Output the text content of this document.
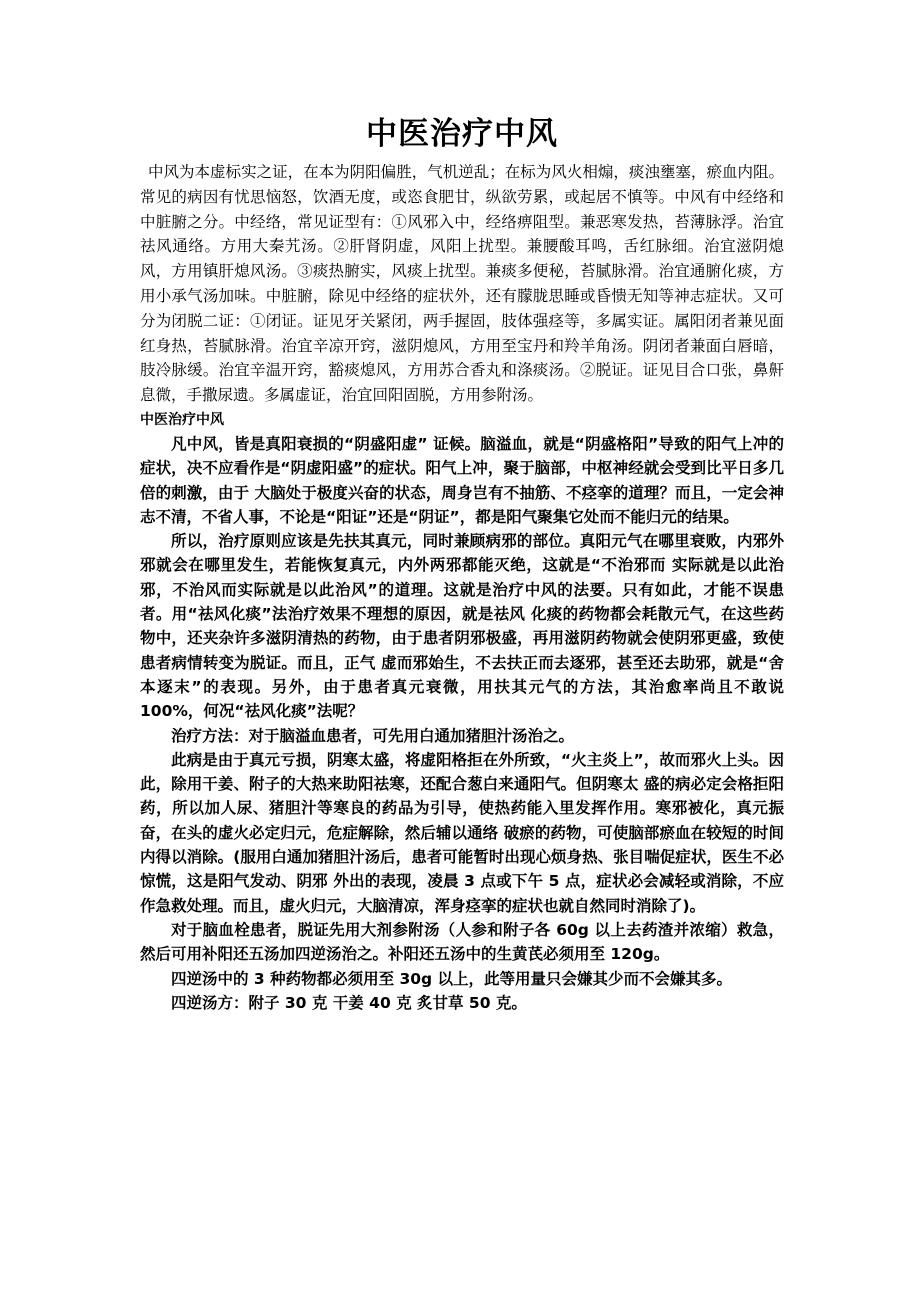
中医治疗中风

中风为本虚标实之证，在本为阴阳偏胜，气机逆乱；在标为风火相煽，痰浊壅塞，瘀血内阻。常见的病因有忧思恼怒，饮酒无度，或恣食肥甘，纵欲劳累，或起居不慎等。中风有中经络和中脏腑之分。中经络，常见证型有：①风邪入中，经络痹阻型。兼恶寒发热，苔薄脉浮。治宜祛风通络。方用大秦艽汤。②肝肾阴虚，风阳上扰型。兼腰酸耳鸣，舌红脉细。治宜滋阴熄风，方用镇肝熄风汤。③痰热腑实，风痰上扰型。兼痰多便秘，苔腻脉滑。治宜通腑化痰，方用小承气汤加味。中脏腑，除见中经络的症状外，还有朦胧思睡或昏愦无知等神志症状。又可分为闭脱二证：①闭证。证见牙关紧闭，两手握固，肢体强痉等，多属实证。属阳闭者兼见面红身热，苔腻脉滑。治宜辛凉开窍，滋阴熄风，方用至宝丹和羚羊角汤。阴闭者兼面白唇暗，肢冷脉缓。治宜辛温开窍，豁痰熄风，方用苏合香丸和涤痰汤。②脱证。证见目合口张，鼻鼾息微，手撒尿遗。多属虚证，治宜回阳固脱，方用参附汤。

中医治疗中风

凡中风，皆是真阳衰损的“阴盛阳虚” 证候。脑溢血，就是“阴盛格阳”导致的阳气上冲的症状，决不应看作是“阴虚阳盛”的症状。阳气上冲，聚于脑部，中枢神经就会受到比平日多几倍的刺激，由于 大脑处于极度兴奋的状态，周身岂有不抽筋、不痉挛的道理？而且，一定会神志不清，不省人事，不论是“阳证”还是“阴证”，都是阳气聚集它处而不能归元的结果。

所以，治疗原则应该是先扶其真元，同时兼顾病邪的部位。真阳元气在哪里衰败，内邪外邪就会在哪里发生，若能恢复真元，内外两邪都能灭绝，这就是“不治邪而 实际就是以此治邪，不治风而实际就是以此治风”的道理。这就是治疗中风的法要。只有如此，才能不误患者。用“祛风化痰”法治疗效果不理想的原因，就是祛风 化痰的药物都会耗散元气，在这些药物中，还夹杂许多滋阴清热的药物，由于患者阴邪极盛，再用滋阴药物就会使阴邪更盛，致使患者病情转变为脱证。而且，正气 虚而邪始生，不去扶正而去逐邪，甚至还去助邪，就是“舍本逐末”的表现。另外，由于患者真元衰微，用扶其元气的方法，其治愈率尚且不敢说 100%，何况“祛风化痰”法呢？

治疗方法：对于脑溢血患者，可先用白通加猪胆汁汤治之。

此病是由于真元亏损，阴寒太盛，将虚阳格拒在外所致，“火主炎上”，故而邪火上头。因此，除用干姜、附子的大热来助阳祛寒，还配合葱白来通阳气。但阴寒太 盛的病必定会格拒阳药，所以加人尿、猪胆汁等寒良的药品为引导，使热药能入里发挥作用。寒邪被化，真元振奋，在头的虚火必定归元，危症解除，然后辅以通络 破瘀的药物，可使脑部瘀血在较短的时间内得以消除。(服用白通加猪胆汁汤后，患者可能暂时出现心烦身热、张目喘促症状，医生不必惊慌，这是阳气发动、阴邪 外出的表现，凌晨 3 点或下午 5 点，症状必会减轻或消除，不应作急救处理。而且，虚火归元，大脑清凉，浑身痉挛的症状也就自然同时消除了)。

对于脑血栓患者，脱证先用大剂参附汤（人参和附子各 60g 以上去药渣并浓缩）救急，然后可用补阳还五汤加四逆汤治之。补阳还五汤中的生黄芪必须用至 120g。

四逆汤中的 3 种药物都必须用至 30g 以上，此等用量只会嫌其少而不会嫌其多。

四逆汤方：附子 30 克 干姜 40 克 炙甘草 50 克。
